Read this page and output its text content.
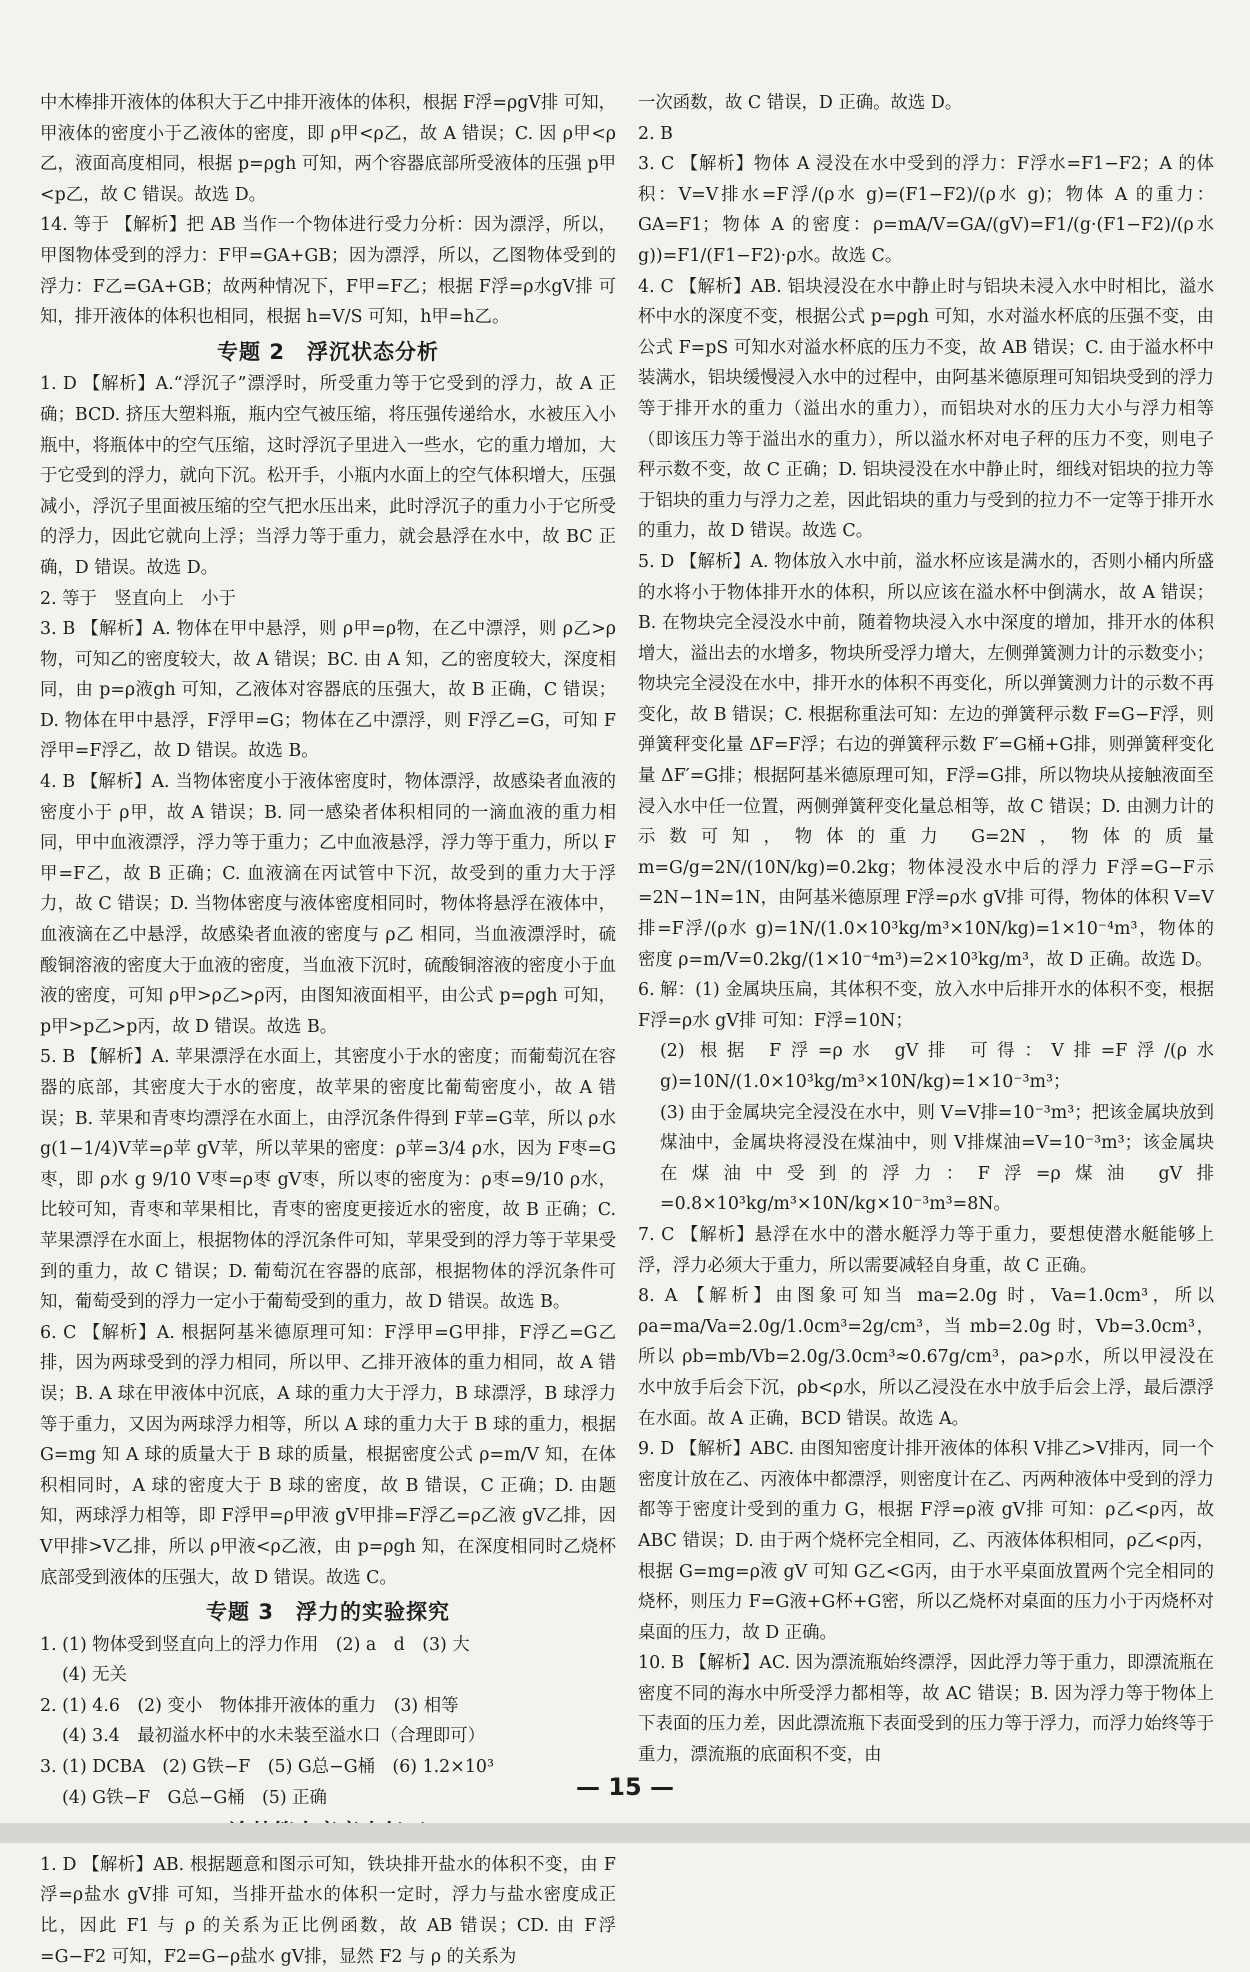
中木棒排开液体的体积大于乙中排开液体的体积，根据 F浮=ρgV排 可知，甲液体的密度小于乙液体的密度，即 ρ甲<ρ乙，故 A 错误；C. 因 ρ甲<ρ乙，液面高度相同，根据 p=ρgh 可知，两个容器底部所受液体的压强 p甲<p乙，故 C 错误。故选 D。

14. 等于 【解析】把 AB 当作一个物体进行受力分析：因为漂浮，所以，甲图物体受到的浮力：F甲=GA+GB；因为漂浮，所以，乙图物体受到的浮力：F乙=GA+GB；故两种情况下，F甲=F乙；根据 F浮=ρ水gV排 可知，排开液体的体积也相同，根据 h=V/S 可知，h甲=h乙。

专题 2　浮沉状态分析

1. D 【解析】A.“浮沉子”漂浮时，所受重力等于它受到的浮力，故 A 正确；BCD. 挤压大塑料瓶，瓶内空气被压缩，将压强传递给水，水被压入小瓶中，将瓶体中的空气压缩，这时浮沉子里进入一些水，它的重力增加，大于它受到的浮力，就向下沉。松开手，小瓶内水面上的空气体积增大，压强减小，浮沉子里面被压缩的空气把水压出来，此时浮沉子的重力小于它所受的浮力，因此它就向上浮；当浮力等于重力，就会悬浮在水中，故 BC 正确，D 错误。故选 D。

2. 等于　竖直向上　小于

3. B 【解析】A. 物体在甲中悬浮，则 ρ甲=ρ物，在乙中漂浮，则 ρ乙>ρ物，可知乙的密度较大，故 A 错误；BC. 由 A 知，乙的密度较大，深度相同，由 p=ρ液gh 可知，乙液体对容器底的压强大，故 B 正确，C 错误；D. 物体在甲中悬浮，F浮甲=G；物体在乙中漂浮，则 F浮乙=G，可知 F浮甲=F浮乙，故 D 错误。故选 B。

4. B 【解析】A. 当物体密度小于液体密度时，物体漂浮，故感染者血液的密度小于 ρ甲，故 A 错误；B. 同一感染者体积相同的一滴血液的重力相同，甲中血液漂浮，浮力等于重力；乙中血液悬浮，浮力等于重力，所以 F甲=F乙，故 B 正确；C. 血液滴在丙试管中下沉，故受到的重力大于浮力，故 C 错误；D. 当物体密度与液体密度相同时，物体将悬浮在液体中，血液滴在乙中悬浮，故感染者血液的密度与 ρ乙 相同，当血液漂浮时，硫酸铜溶液的密度大于血液的密度，当血液下沉时，硫酸铜溶液的密度小于血液的密度，可知 ρ甲>ρ乙>ρ丙，由图知液面相平，由公式 p=ρgh 可知，p甲>p乙>p丙，故 D 错误。故选 B。

5. B 【解析】A. 苹果漂浮在水面上，其密度小于水的密度；而葡萄沉在容器的底部，其密度大于水的密度，故苹果的密度比葡萄密度小，故 A 错误；B. 苹果和青枣均漂浮在水面上，由浮沉条件得到 F苹=G苹，所以 ρ水 g(1−1/4)V苹=ρ苹 gV苹，所以苹果的密度：ρ苹=3/4 ρ水，因为 F枣=G枣，即 ρ水 g 9/10 V枣=ρ枣 gV枣，所以枣的密度为：ρ枣=9/10 ρ水，比较可知，青枣和苹果相比，青枣的密度更接近水的密度，故 B 正确；C. 苹果漂浮在水面上，根据物体的浮沉条件可知，苹果受到的浮力等于苹果受到的重力，故 C 错误；D. 葡萄沉在容器的底部，根据物体的浮沉条件可知，葡萄受到的浮力一定小于葡萄受到的重力，故 D 错误。故选 B。

6. C 【解析】A. 根据阿基米德原理可知：F浮甲=G甲排，F浮乙=G乙排，因为两球受到的浮力相同，所以甲、乙排开液体的重力相同，故 A 错误；B. A 球在甲液体中沉底，A 球的重力大于浮力，B 球漂浮，B 球浮力等于重力，又因为两球浮力相等，所以 A 球的重力大于 B 球的重力，根据 G=mg 知 A 球的质量大于 B 球的质量，根据密度公式 ρ=m/V 知，在体积相同时，A 球的密度大于 B 球的密度，故 B 错误，C 正确；D. 由题知，两球浮力相等，即 F浮甲=ρ甲液 gV甲排=F浮乙=ρ乙液 gV乙排，因 V甲排>V乙排，所以 ρ甲液<ρ乙液，由 p=ρgh 知，在深度相同时乙烧杯底部受到液体的压强大，故 D 错误。故选 C。

专题 3　浮力的实验探究

1. (1) 物体受到竖直向上的浮力作用　(2) a　d　(3) 大

(4) 无关

2. (1) 4.6　(2) 变小　物体排开液体的重力　(3) 相等

(4) 3.4　最初溢水杯中的水未装至溢水口（合理即可）

3. (1) DCBA　(2) G铁−F　(5) G总−G桶　(6) 1.2×10³

(4) G铁−F　G总−G桶　(5) 正确

1. D 【解析】AB. 根据题意和图示可知，铁块排开盐水的体积不变，由 F浮=ρ盐水 gV排 可知，当排开盐水的体积一定时，浮力与盐水密度成正比，因此 F1 与 ρ 的关系为正比例函数，故 AB 错误；CD. 由 F浮=G−F2 可知，F2=G−ρ盐水 gV排，显然 F2 与 ρ 的关系为

一次函数，故 C 错误，D 正确。故选 D。

2. B

3. C 【解析】物体 A 浸没在水中受到的浮力：F浮水=F1−F2；A 的体积：V=V排水=F浮/(ρ水 g)=(F1−F2)/(ρ水 g)；物体 A 的重力：GA=F1；物体 A 的密度：ρ=mA/V=GA/(gV)=F1/(g·(F1−F2)/(ρ水 g))=F1/(F1−F2)·ρ水。故选 C。

4. C 【解析】AB. 铝块浸没在水中静止时与铝块未浸入水中时相比，溢水杯中水的深度不变，根据公式 p=ρgh 可知，水对溢水杯底的压强不变，由公式 F=pS 可知水对溢水杯底的压力不变，故 AB 错误；C. 由于溢水杯中装满水，铝块缓慢浸入水中的过程中，由阿基米德原理可知铝块受到的浮力等于排开水的重力（溢出水的重力），而铝块对水的压力大小与浮力相等（即该压力等于溢出水的重力），所以溢水杯对电子秤的压力不变，则电子秤示数不变，故 C 正确；D. 铝块浸没在水中静止时，细线对铝块的拉力等于铝块的重力与浮力之差，因此铝块的重力与受到的拉力不一定等于排开水的重力，故 D 错误。故选 C。

5. D 【解析】A. 物体放入水中前，溢水杯应该是满水的，否则小桶内所盛的水将小于物体排开水的体积，所以应该在溢水杯中倒满水，故 A 错误；B. 在物块完全浸没水中前，随着物块浸入水中深度的增加，排开水的体积增大，溢出去的水增多，物块所受浮力增大，左侧弹簧测力计的示数变小；物块完全浸没在水中，排开水的体积不再变化，所以弹簧测力计的示数不再变化，故 B 错误；C. 根据称重法可知：左边的弹簧秤示数 F=G−F浮，则弹簧秤变化量 ΔF=F浮；右边的弹簧秤示数 F′=G桶+G排，则弹簧秤变化量 ΔF′=G排；根据阿基米德原理可知，F浮=G排，所以物块从接触液面至浸入水中任一位置，两侧弹簧秤变化量总相等，故 C 错误；D. 由测力计的示数可知，物体的重力 G=2N，物体的质量 m=G/g=2N/(10N/kg)=0.2kg；物体浸没水中后的浮力 F浮=G−F示=2N−1N=1N，由阿基米德原理 F浮=ρ水 gV排 可得，物体的体积 V=V排=F浮/(ρ水 g)=1N/(1.0×10³kg/m³×10N/kg)=1×10⁻⁴m³，物体的密度 ρ=m/V=0.2kg/(1×10⁻⁴m³)=2×10³kg/m³，故 D 正确。故选 D。

6. 解：(1) 金属块压扁，其体积不变，放入水中后排开水的体积不变，根据 F浮=ρ水 gV排 可知：F浮=10N；

(2) 根据 F浮=ρ水 gV排 可得：V排=F浮/(ρ水 g)=10N/(1.0×10³kg/m³×10N/kg)=1×10⁻³m³；

(3) 由于金属块完全浸没在水中，则 V=V排=10⁻³m³；把该金属块放到煤油中，金属块将浸没在煤油中，则 V排煤油=V=10⁻³m³；该金属块在煤油中受到的浮力：F浮=ρ煤油 gV排=0.8×10³kg/m³×10N/kg×10⁻³m³=8N。

7. C 【解析】悬浮在水中的潜水艇浮力等于重力，要想使潜水艇能够上浮，浮力必须大于重力，所以需要减轻自身重，故 C 正确。

8. A 【解析】由图象可知当 ma=2.0g 时，Va=1.0cm³，所以 ρa=ma/Va=2.0g/1.0cm³=2g/cm³，当 mb=2.0g 时，Vb=3.0cm³，所以 ρb=mb/Vb=2.0g/3.0cm³≈0.67g/cm³，ρa>ρ水，所以甲浸没在水中放手后会下沉，ρb<ρ水，所以乙浸没在水中放手后会上浮，最后漂浮在水面。故 A 正确，BCD 错误。故选 A。

9. D 【解析】ABC. 由图知密度计排开液体的体积 V排乙>V排丙，同一个密度计放在乙、丙液体中都漂浮，则密度计在乙、丙两种液体中受到的浮力都等于密度计受到的重力 G，根据 F浮=ρ液 gV排 可知：ρ乙<ρ丙，故 ABC 错误；D. 由于两个烧杯完全相同，乙、丙液体体积相同，ρ乙<ρ丙，根据 G=mg=ρ液 gV 可知 G乙<G丙，由于水平桌面放置两个完全相同的烧杯，则压力 F=G液+G杯+G密，所以乙烧杯对桌面的压力小于丙烧杯对桌面的压力，故 D 正确。

10. B 【解析】AC. 因为漂流瓶始终漂浮，因此浮力等于重力，即漂流瓶在密度不同的海水中所受浮力都相等，故 AC 错误；B. 因为浮力等于物体上下表面的压力差，因此漂流瓶下表面受到的压力等于浮力，而浮力始终等于重力，漂流瓶的底面积不变，由

— 15 —
